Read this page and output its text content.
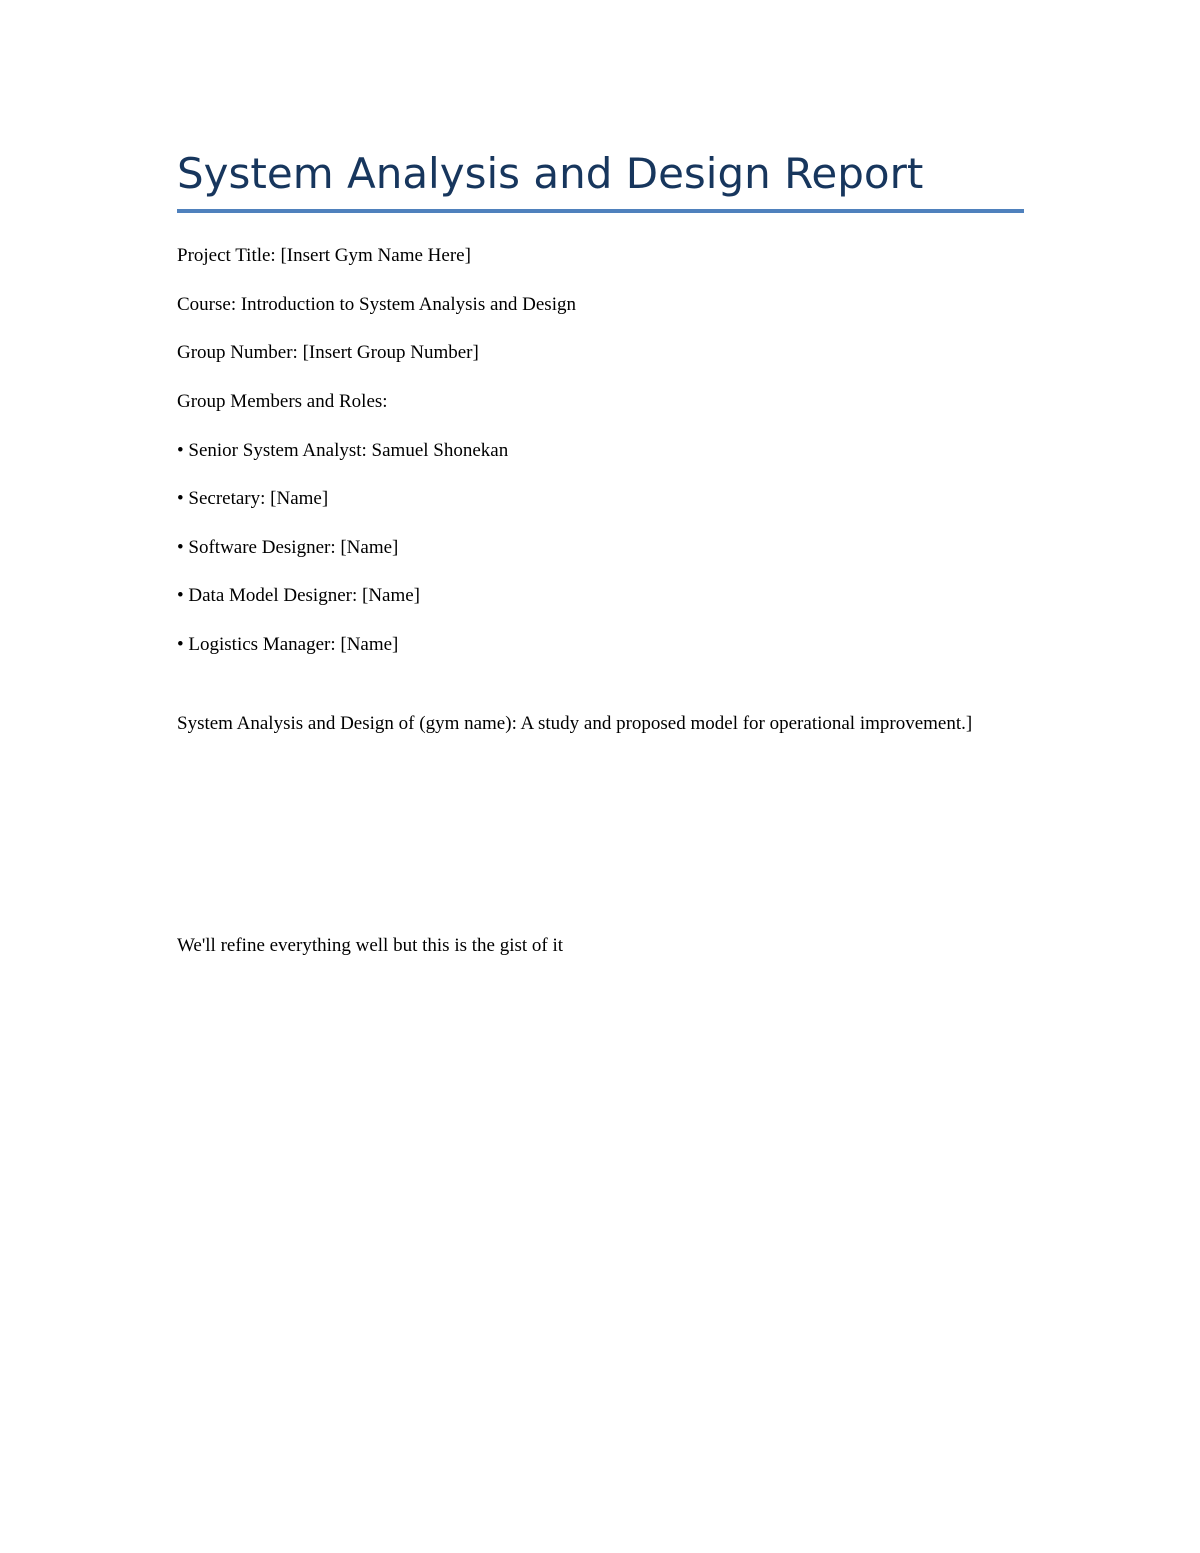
System Analysis and Design Report

Project Title: [Insert Gym Name Here]

Course: Introduction to System Analysis and Design

Group Number: [Insert Group Number]

Group Members and Roles:

• Senior System Analyst: Samuel Shonekan

• Secretary: [Name]

• Software Designer: [Name]

• Data Model Designer: [Name]

• Logistics Manager: [Name]

System Analysis and Design of (gym name): A study and proposed model for operational improvement.]

We'll refine everything well but this is the gist of it
